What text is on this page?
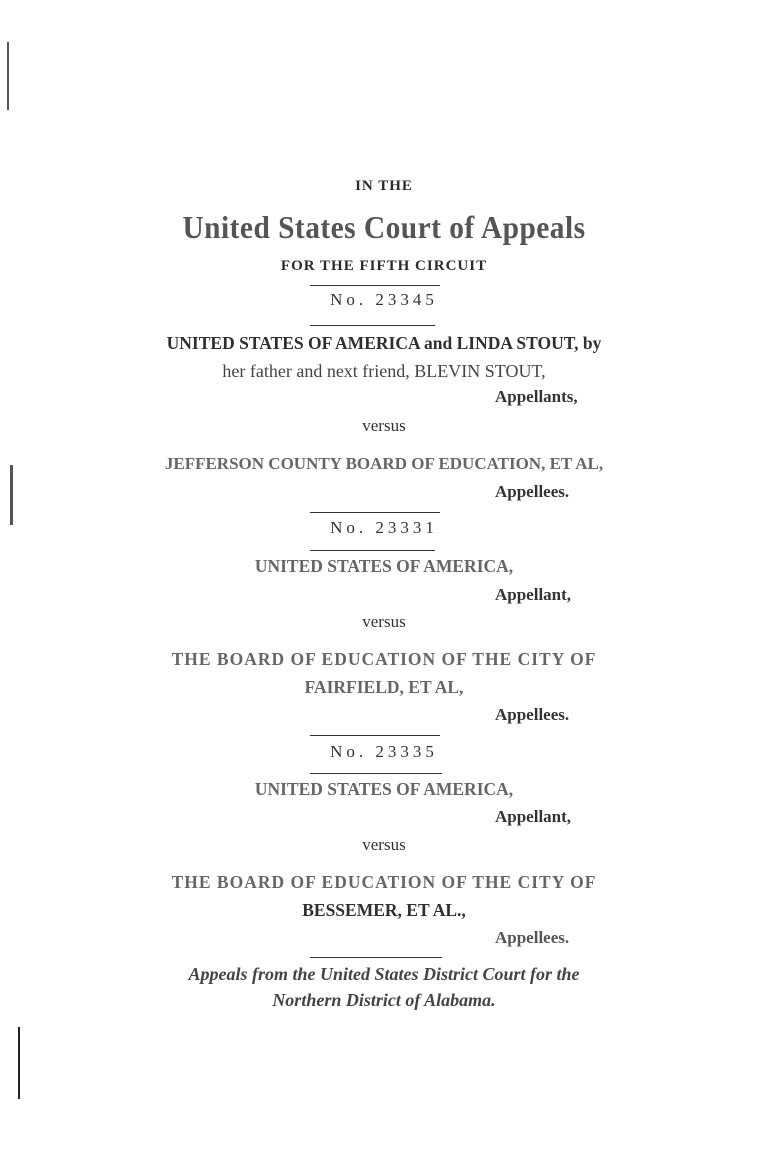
IN THE
United States Court of Appeals
FOR THE FIFTH CIRCUIT
No. 23345
UNITED STATES OF AMERICA and LINDA STOUT, by
her father and next friend, BLEVIN STOUT,
Appellants,
versus
JEFFERSON COUNTY BOARD OF EDUCATION, ET AL,
Appellees.
No. 23331
UNITED STATES OF AMERICA,
Appellant,
versus
THE BOARD OF EDUCATION OF THE CITY OF
FAIRFIELD, ET AL,
Appellees.
No. 23335
UNITED STATES OF AMERICA,
Appellant,
versus
THE BOARD OF EDUCATION OF THE CITY OF
BESSEMER, ET AL.,
Appellees.
Appeals from the United States District Court for the
Northern District of Alabama.
